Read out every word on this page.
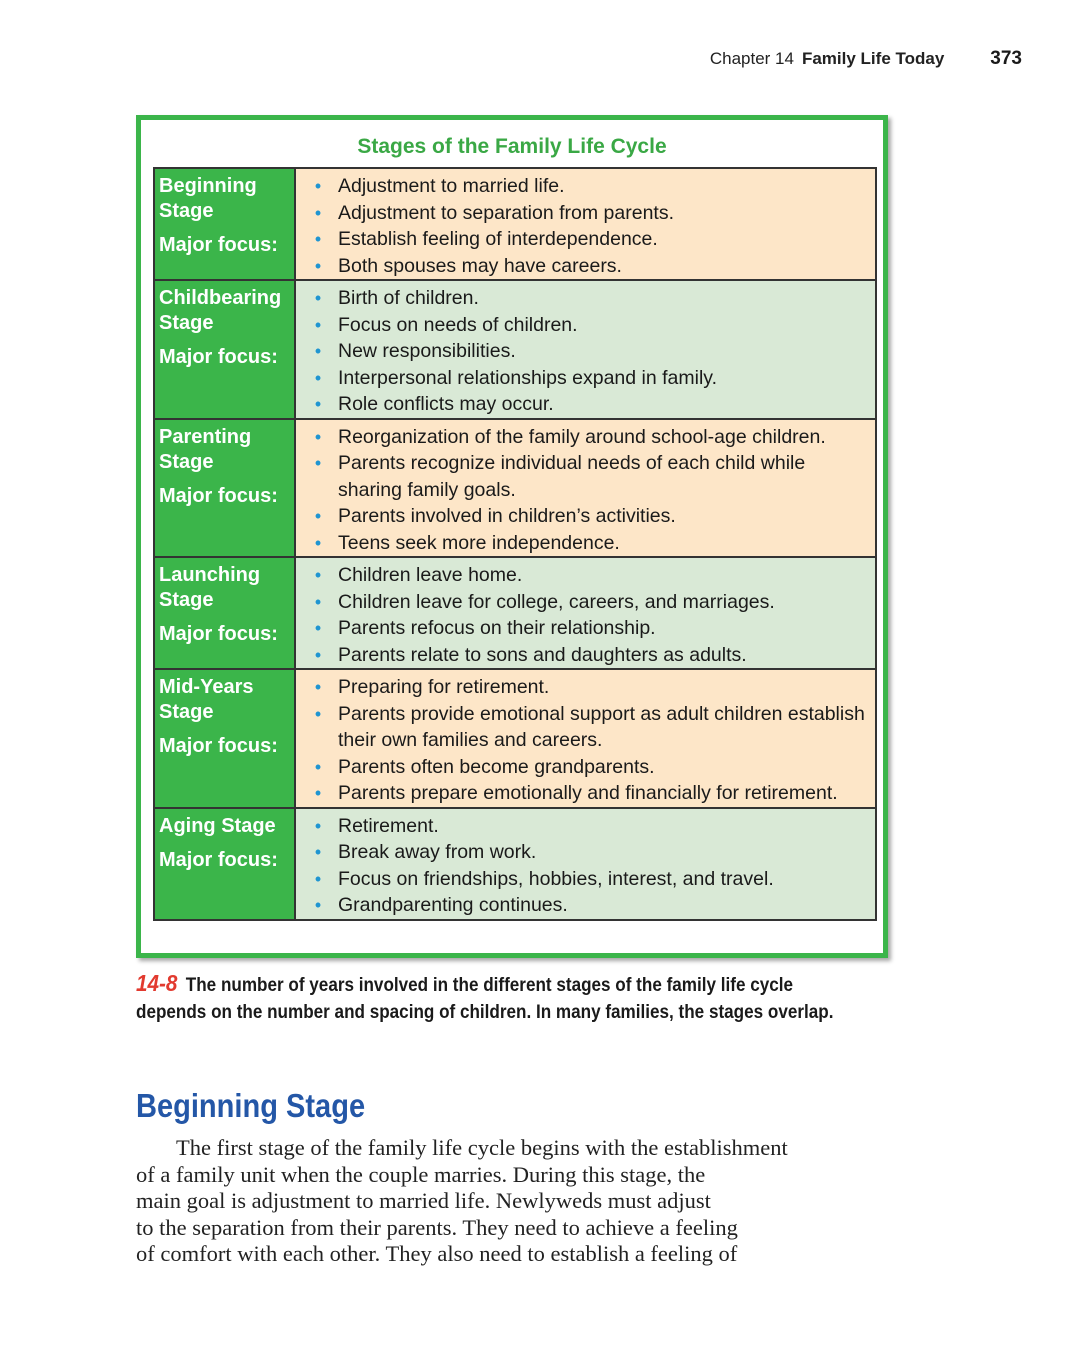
Chapter 14 Family Life Today 373
Stages of the Family Life Cycle
Beginning
Stage
Major focus:
• Adjustment to married life.
• Adjustment to separation from parents.
• Establish feeling of interdependence.
• Both spouses may have careers.
Childbearing
Stage
Major focus:
• Birth of children.
• Focus on needs of children.
• New responsibilities.
• Interpersonal relationships expand in family.
• Role conflicts may occur.
Parenting
Stage
Major focus:
• Reorganization of the family around school-age children.
• Parents recognize individual needs of each child while sharing family goals.
• Parents involved in children’s activities.
• Teens seek more independence.
Launching
Stage
Major focus:
• Children leave home.
• Children leave for college, careers, and marriages.
• Parents refocus on their relationship.
• Parents relate to sons and daughters as adults.
Mid-Years
Stage
Major focus:
• Preparing for retirement.
• Parents provide emotional support as adult children establish their own families and careers.
• Parents often become grandparents.
• Parents prepare emotionally and financially for retirement.
Aging Stage
Major focus:
• Retirement.
• Break away from work.
• Focus on friendships, hobbies, interest, and travel.
• Grandparenting continues.
14-8 The number of years involved in the different stages of the family life cycle
depends on the number and spacing of children. In many families, the stages overlap.
Beginning Stage
The first stage of the family life cycle begins with the establishment
of a family unit when the couple marries. During this stage, the
main goal is adjustment to married life. Newlyweds must adjust
to the separation from their parents. They need to achieve a feeling
of comfort with each other. They also need to establish a feeling of
